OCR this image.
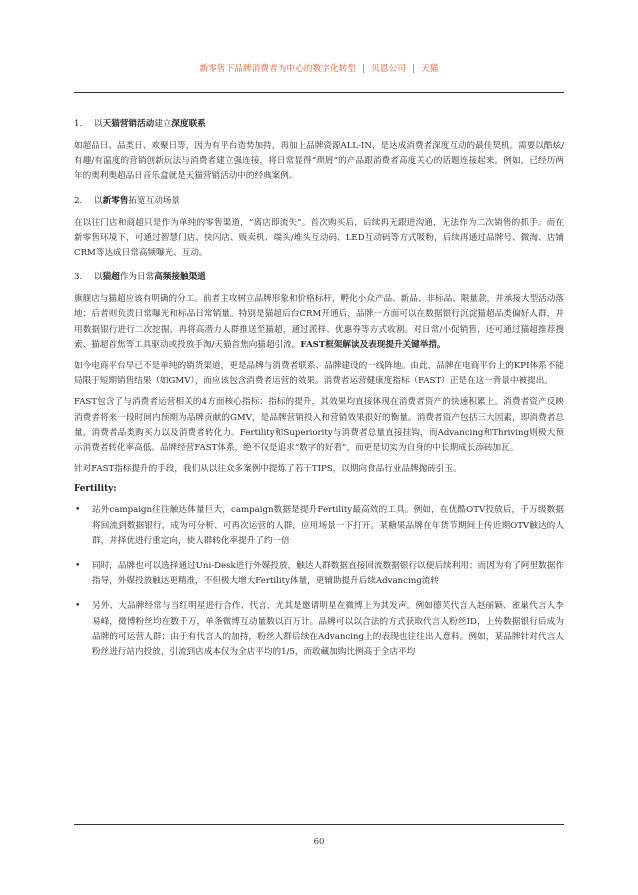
新零售下品牌消费者为中心的数字化转型 | 贝恩公司 | 天猫
1. 以天猫营销活动建立深度联系

如超品日、品类日、欢聚日等，因为有平台造势加持，再加上品牌资源ALL-IN，是达成消费者深度互动的最佳契机。需要以酷炫/有趣/有温度的营销创新玩法与消费者建立强连接，将日常显得“琐屑”的产品跟消费者高度关心的话题连接起来。例如，已经历两年的奥利奥超品日音乐盒就是天猫营销活动中的经典案例。

2. 以新零售拓宽互动场景

在以往门店和商超只是作为单纯的零售渠道，“离店即流失”。首次购买后，后续再无跟进沟通，无法作为二次销售的抓手。而在新零售环境下，可通过智慧门店、快闪店、贩卖机、端头/堆头互动码、LED互动码等方式吸粉，后续再通过品牌号、微淘、店铺CRM等达成日常高频曝光、互动。

3. 以猫超作为日常高频接触渠道

旗舰店与猫超应该有明确的分工。前者主攻树立品牌形象和价格标杆，孵化小众产品、新品、非标品、限量款，并承接大型活动落地；后者则负责日常曝光和标品日常销量。特别是猫超后台CRM开通后，品牌一方面可以在数据银行沉淀猫超品类偏好人群，并用数据银行进行二次挖掘，再将高潜力人群推送至猫超，通过派样、优惠券等方式收割。对日常/小促销售，还可通过猫超推荐搜索、猫超首焦等工具驱动或投放手淘/天猫首焦向猫超引流。FAST框架解读及表现提升关键举措。

如今电商平台早已不是单纯的销货渠道，更是品牌与消费者联系、品牌建设的一线阵地。由此，品牌在电商平台上的KPI体系不能局限于短期销售结果（如GMV），而应该包含消费者运营的效果。消费者运营健康度指标（FAST）正是在这一背景中被提出。

FAST包含了与消费者运营相关的4方面核心指标：指标的提升，其效果均直接体现在消费者资产的快速积累上。消费者资产反映消费者将来一段时间内预期为品牌贡献的GMV，是品牌营销投入和营销效果很好的衡量。消费者资产包括三大因素，即消费者总量，消费者品类购买力以及消费者转化力。Fertility和Superiority与消费者总量直接挂钩，而Advancing和Thriving则极大预示消费者转化率高低。品牌经营FAST体系，绝不仅是追求“数字的好看”，而更是切实为自身的中长期成长添砖加瓦。

针对FAST指标提升的手段，我们从以往众多案例中提炼了若干TIPS，以期向食品行业品牌抛砖引玉。

Fertility:
• 站外campaign往往触达体量巨大，campaign数据是提升Fertility最高效的工具。例如，在优酷OTV投放后，千万级数据将回流到数据银行，成为可分析、可再次运营的人群，应用场景一下打开。某糖果品牌在年货节期间上传近期OTV触达的人群，并择优进行重定向，使人群转化率提升了约一倍
• 同时，品牌也可以选择通过Uni-Desk进行外媒投放，触达人群数据直接回流数据银行以便后续利用；而因为有了阿里数据作指导，外媒投放触达更精准，不但极大增大Fertility体量，更辅助提升后续Advancing流转
• 另外、大品牌经常与当红明星进行合作、代言，尤其是邀请明星在微博上为其发声。例如德芙代言人赵丽颖、雀巢代言人李易峰，微博粉丝均在数千万，单条微博互动量数以百万计。品牌可以以合法的方式获取代言人粉丝ID，上传数据银行后成为品牌的可运营人群；由于有代言人的加持，粉丝人群后续在Advancing上的表现也往往出人意料。例如，某品牌针对代言人粉丝进行站内投放，引流到店成本仅为全店平均的1/5，而收藏加购比例高于全店平均
60
